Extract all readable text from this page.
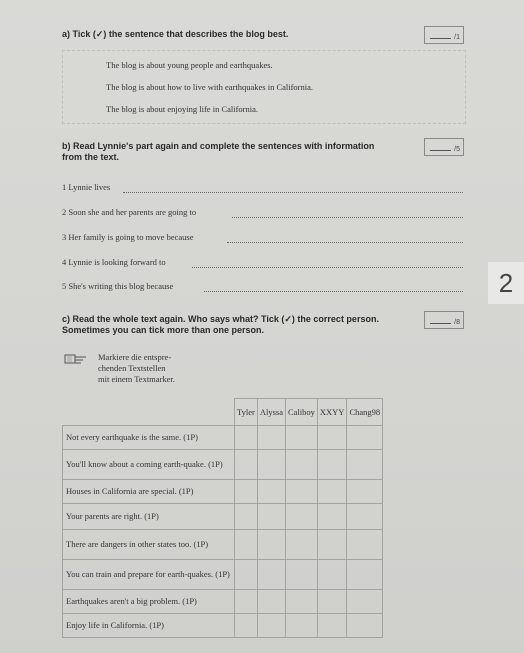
a) Tick (✓) the sentence that describes the blog best.	/1
The blog is about young people and earthquakes.
The blog is about how to live with earthquakes in California.
The blog is about enjoying life in California.
b) Read Lynnie's part again and complete the sentences with information
from the text.
/5
1 Lynnie lives
2 Soon she and her parents are going to
3 Her family is going to move because
4 Lynnie is looking forward to
5 She's writing this blog because	2
c) Read the whole text again. Who says what? Tick (✓) the correct person.
Sometimes you can tick more than one person.
/8
Markiere die entspre-
chenden Textstellen
mit einem Textmarker.
	Tyler	Alyssa	Caliboy	XXYY	Chang98
Not every earthquake is the same. (1P)					
You'll know about a coming earth-quake. (1P)					
Houses in California are special. (1P)					
Your parents are right. (1P)					
There are dangers in other states too. (1P)					
You can train and prepare for earth-quakes. (1P)					
Earthquakes aren't a big problem. (1P)					
Enjoy life in California. (1P)					
